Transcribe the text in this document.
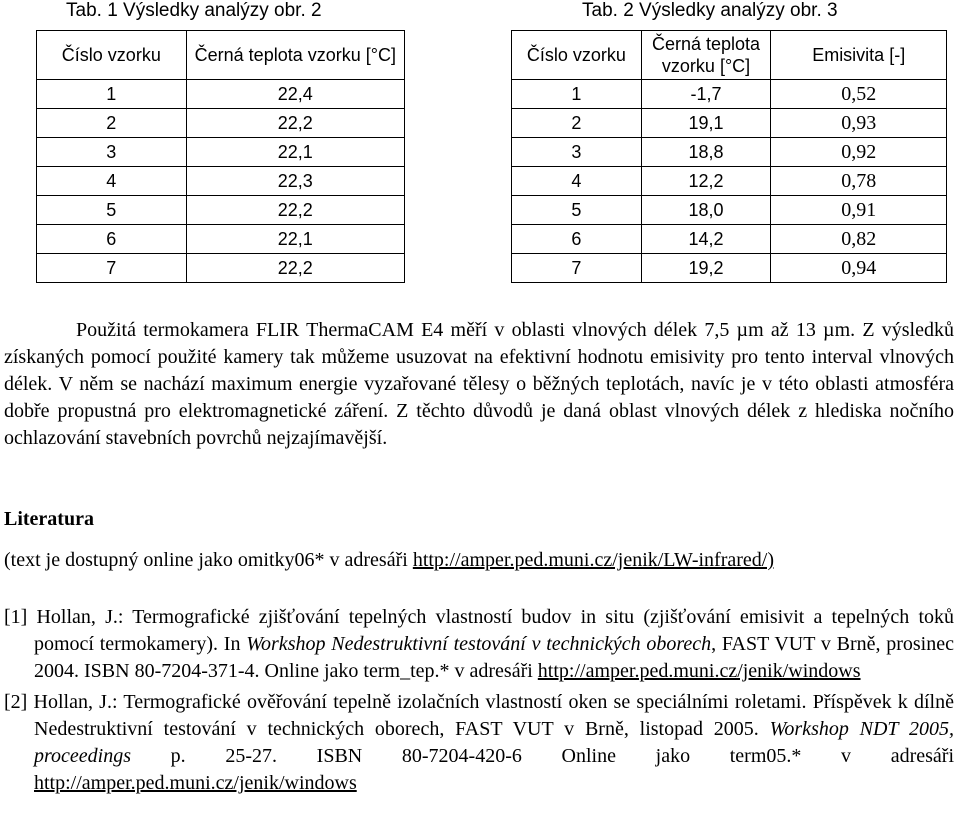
Tab. 1 Výsledky analýzy obr. 2
Číslo vzorku	Černá teplota vzorku [°C]
1	22,4
2	22,2
3	22,1
4	22,3
5	22,2
6	22,1
7	22,2
Tab. 2 Výsledky analýzy obr. 3
Číslo vzorku	Černá teplota vzorku [°C]	Emisivita [-]
1	-1,7	0,52
2	19,1	0,93
3	18,8	0,92
4	12,2	0,78
5	18,0	0,91
6	14,2	0,82
7	19,2	0,94

Použitá termokamera FLIR ThermaCAM E4 měří v oblasti vlnových délek 7,5 µm až 13 µm. Z výsledků získaných pomocí použité kamery tak můžeme usuzovat na efektivní hodnotu emisivity pro tento interval vlnových délek. V něm se nachází maximum energie vyzařované tělesy o běžných teplotách, navíc je v této oblasti atmosféra dobře propustná pro elektromagnetické záření. Z těchto důvodů je daná oblast vlnových délek z hlediska nočního ochlazování stavebních povrchů nejzajímavější.

Literatura
(text je dostupný online jako omitky06* v adresáři http://amper.ped.muni.cz/jenik/LW-infrared/)

[1] Hollan, J.: Termografické zjišťování tepelných vlastností budov in situ (zjišťování emisivit a tepelných toků pomocí termokamery). In Workshop Nedestruktivní testování v technických oborech, FAST VUT v Brně, prosinec 2004. ISBN 80-7204-371-4. Online jako term_tep.* v adresáři http://amper.ped.muni.cz/jenik/windows

[2] Hollan, J.: Termografické ověřování tepelně izolačních vlastností oken se speciálními roletami. Příspěvek k dílně Nedestruktivní testování v technických oborech, FAST VUT v Brně, listopad 2005. Workshop NDT 2005, proceedings p. 25-27. ISBN 80-7204-420-6 Online jako term05.* v adresáři http://amper.ped.muni.cz/jenik/windows
